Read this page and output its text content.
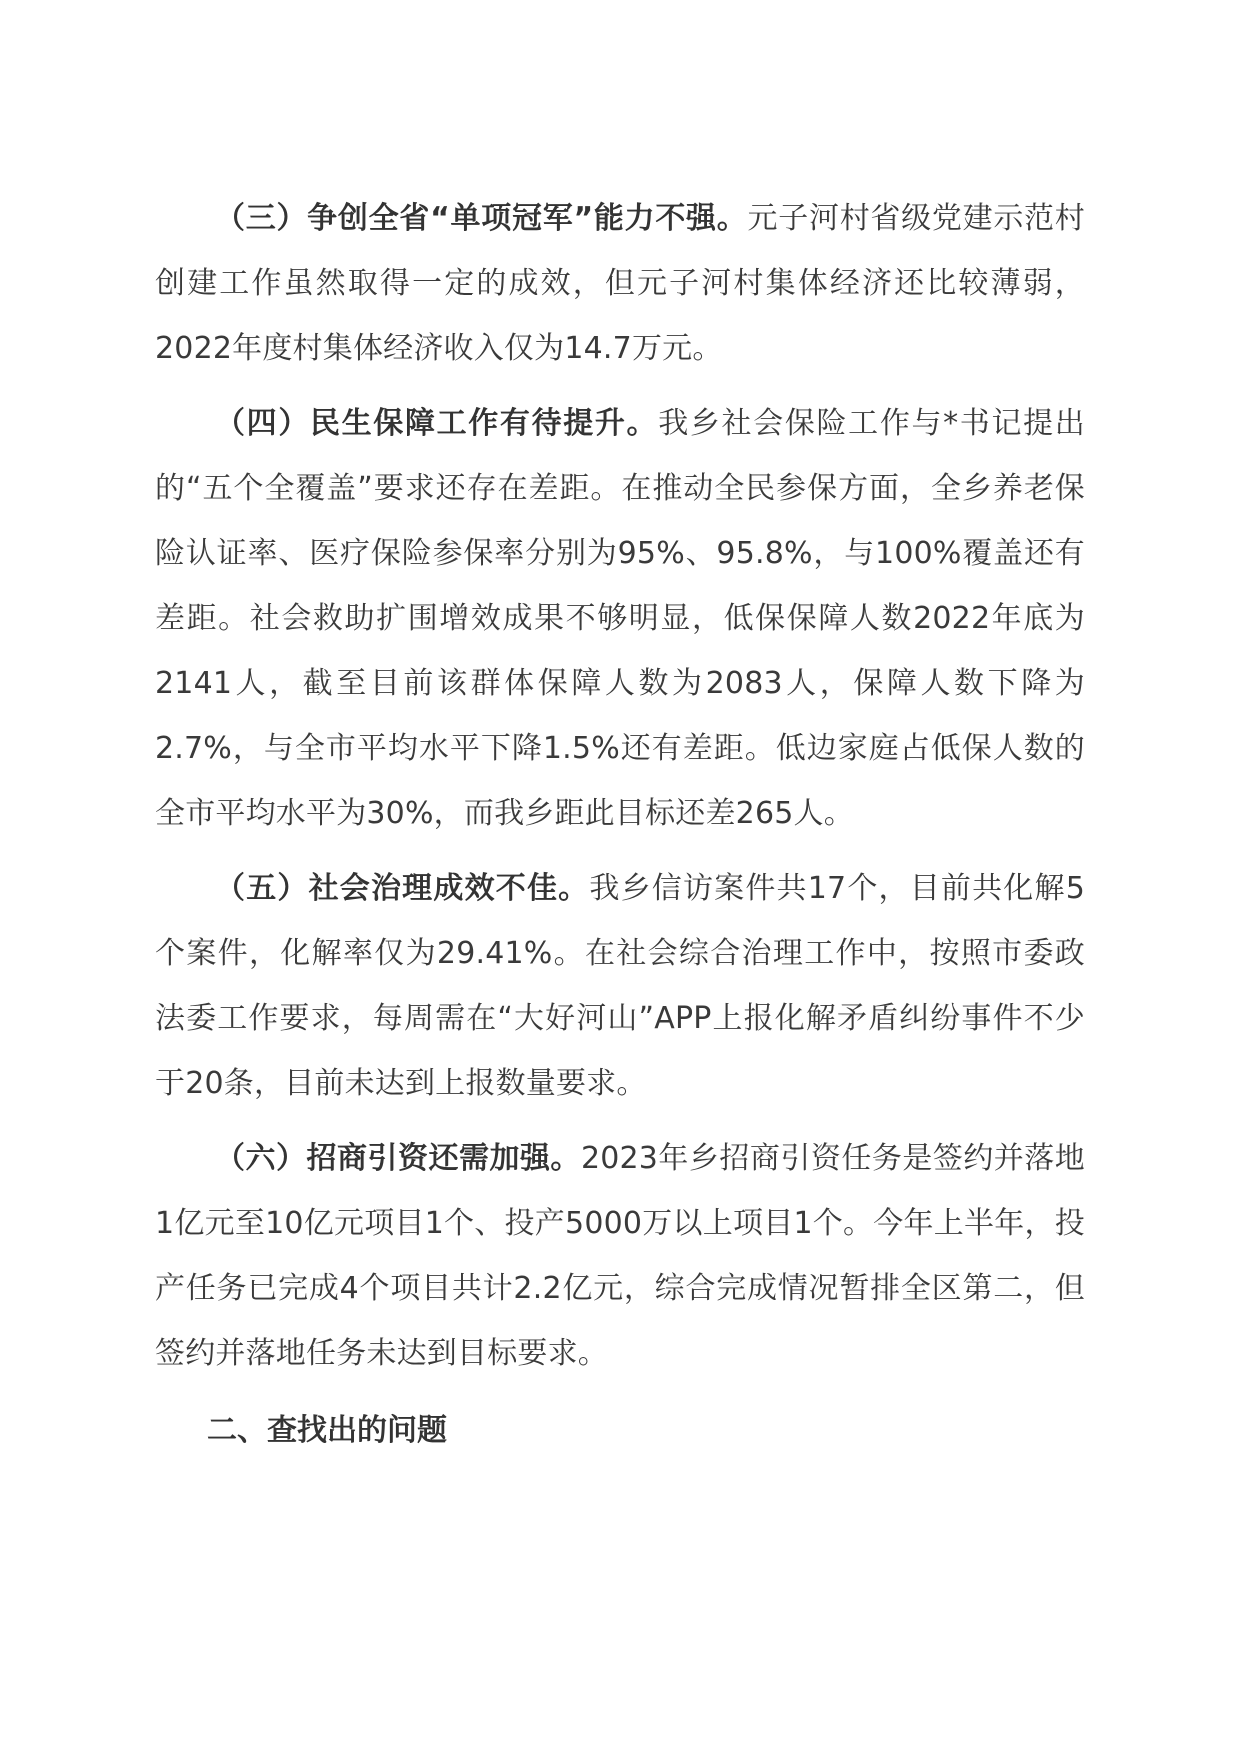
（三）争创全省“单项冠军”能力不强。元子河村省级党建示范村创建工作虽然取得一定的成效，但元子河村集体经济还比较薄弱，2022年度村集体经济收入仅为14.7万元。

（四）民生保障工作有待提升。我乡社会保险工作与*书记提出的“五个全覆盖”要求还存在差距。在推动全民参保方面，全乡养老保险认证率、医疗保险参保率分别为95%、95.8%，与100%覆盖还有差距。社会救助扩围增效成果不够明显，低保保障人数2022年底为2141人，截至目前该群体保障人数为2083人，保障人数下降为2.7%，与全市平均水平下降1.5%还有差距。低边家庭占低保人数的全市平均水平为30%，而我乡距此目标还差265人。

（五）社会治理成效不佳。我乡信访案件共17个，目前共化解5个案件，化解率仅为29.41%。在社会综合治理工作中，按照市委政法委工作要求，每周需在“大好河山”APP上报化解矛盾纠纷事件不少于20条，目前未达到上报数量要求。

（六）招商引资还需加强。2023年乡招商引资任务是签约并落地1亿元至10亿元项目1个、投产5000万以上项目1个。今年上半年，投产任务已完成4个项目共计2.2亿元，综合完成情况暂排全区第二，但签约并落地任务未达到目标要求。

二、查找出的问题
